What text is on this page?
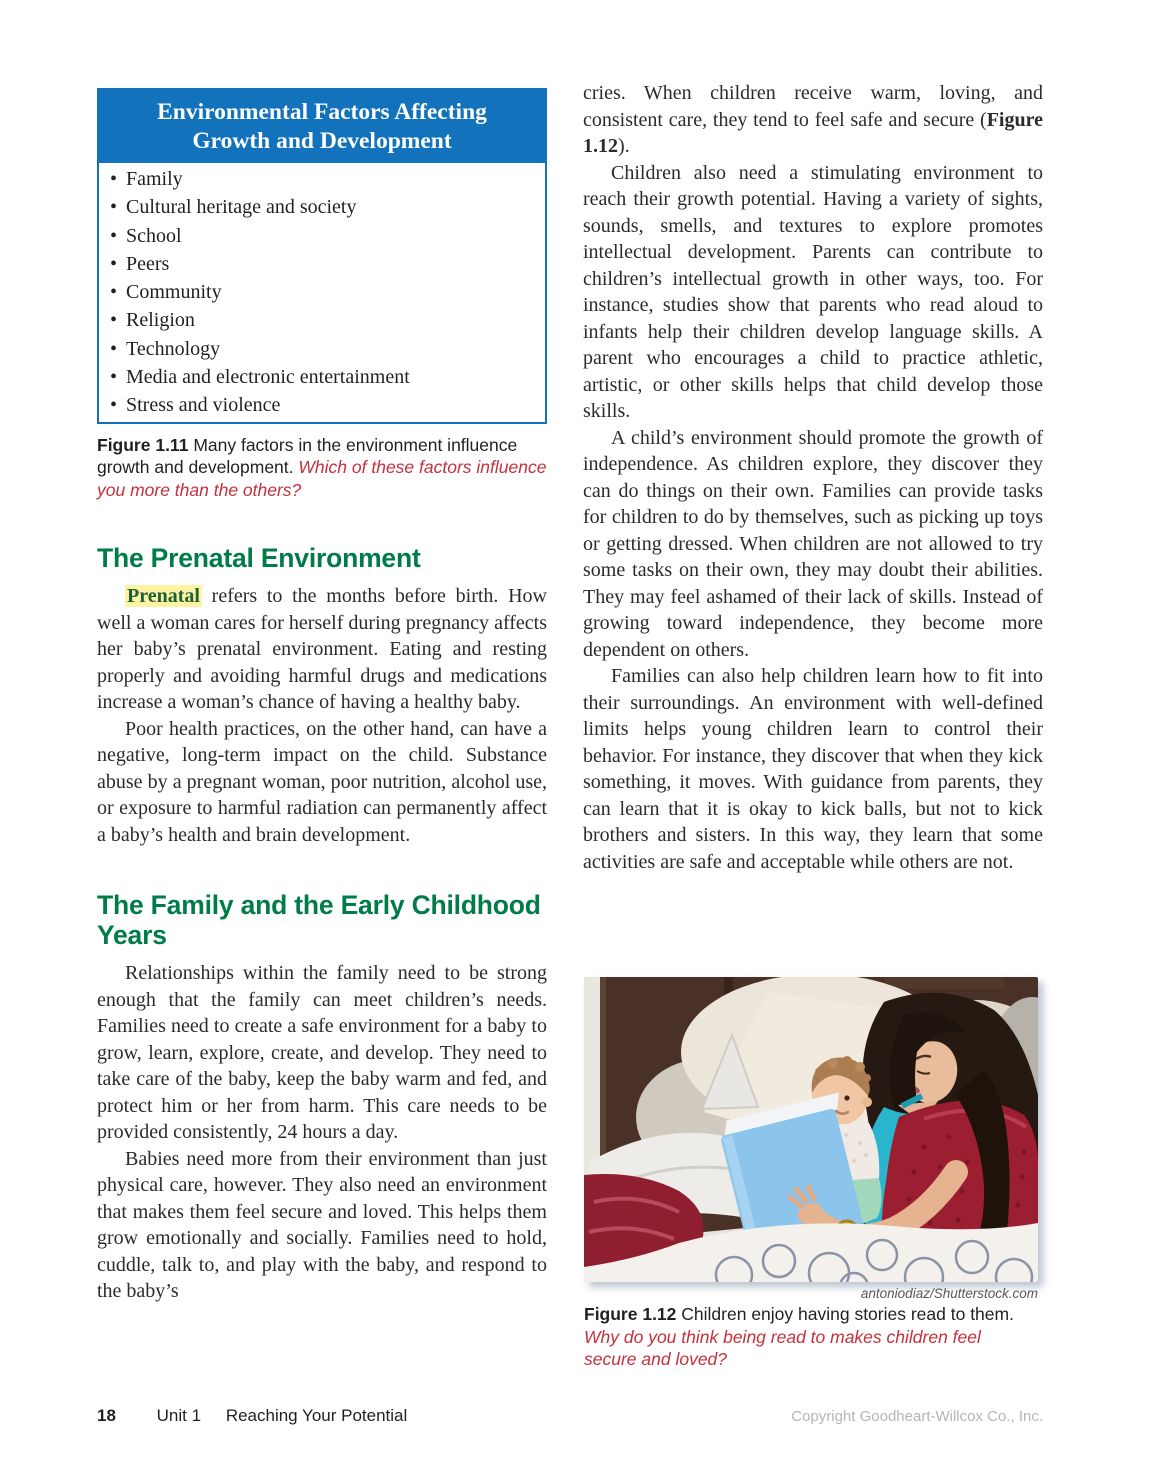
Environmental Factors Affecting
Growth and Development
• Family
• Cultural heritage and society
• School
• Peers
• Community
• Religion
• Technology
• Media and electronic entertainment
• Stress and violence

Figure 1.11 Many factors in the environment influence growth and development. Which of these factors influence you more than the others?

The Prenatal Environment

Prenatal refers to the months before birth. How well a woman cares for herself during pregnancy affects her baby’s prenatal environment. Eating and resting properly and avoiding harmful drugs and medications increase a woman’s chance of having a healthy baby.

Poor health practices, on the other hand, can have a negative, long-term impact on the child. Substance abuse by a pregnant woman, poor nutrition, alcohol use, or exposure to harmful radiation can permanently affect a baby’s health and brain development.

The Family and the Early Childhood Years

Relationships within the family need to be strong enough that the family can meet children’s needs. Families need to create a safe environment for a baby to grow, learn, explore, create, and develop. They need to take care of the baby, keep the baby warm and fed, and protect him or her from harm. This care needs to be provided consistently, 24 hours a day.

Babies need more from their environment than just physical care, however. They also need an environment that makes them feel secure and loved. This helps them grow emotionally and socially. Families need to hold, cuddle, talk to, and play with the baby, and respond to the baby’s

cries. When children receive warm, loving, and consistent care, they tend to feel safe and secure (Figure 1.12).

Children also need a stimulating environment to reach their growth potential. Having a variety of sights, sounds, smells, and textures to explore promotes intellectual development. Parents can contribute to children’s intellectual growth in other ways, too. For instance, studies show that parents who read aloud to infants help their children develop language skills. A parent who encourages a child to practice athletic, artistic, or other skills helps that child develop those skills.

A child’s environment should promote the growth of independence. As children explore, they discover they can do things on their own. Families can provide tasks for children to do by themselves, such as picking up toys or getting dressed. When children are not allowed to try some tasks on their own, they may doubt their abilities. They may feel ashamed of their lack of skills. Instead of growing toward independence, they become more dependent on others.

Families can also help children learn how to fit into their surroundings. An environment with well-defined limits helps young children learn to control their behavior. For instance, they discover that when they kick something, it moves. With guidance from parents, they can learn that it is okay to kick balls, but not to kick brothers and sisters. In this way, they learn that some activities are safe and acceptable while others are not.

antoniodiaz/Shutterstock.com
Figure 1.12 Children enjoy having stories read to them. Why do you think being read to makes children feel secure and loved?
18 Unit 1 Reaching Your Potential	Copyright Goodheart-Willcox Co., Inc.
